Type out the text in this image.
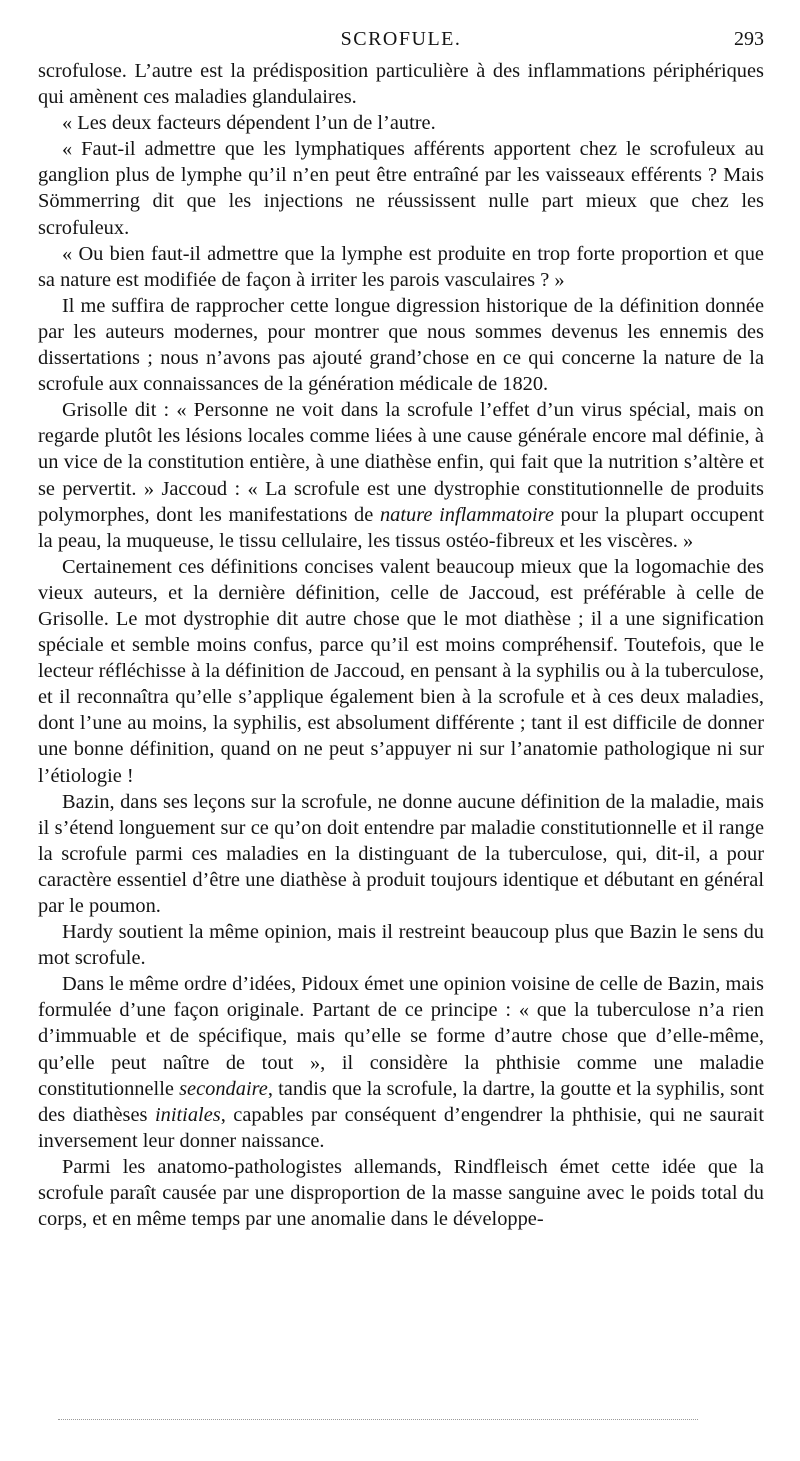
SCROFULE.	293

scrofulose. L’autre est la prédisposition particulière à des inflammations périphériques qui amènent ces maladies glandulaires.

« Les deux facteurs dépendent l’un de l’autre.

« Faut-il admettre que les lymphatiques afférents apportent chez le scrofuleux au ganglion plus de lymphe qu’il n’en peut être entraîné par les vaisseaux efférents ? Mais Sömmerring dit que les injections ne réussissent nulle part mieux que chez les scrofuleux.

« Ou bien faut-il admettre que la lymphe est produite en trop forte proportion et que sa nature est modifiée de façon à irriter les parois vasculaires ? »

Il me suffira de rapprocher cette longue digression historique de la définition donnée par les auteurs modernes, pour montrer que nous sommes devenus les ennemis des dissertations ; nous n’avons pas ajouté grand’chose en ce qui concerne la nature de la scrofule aux connaissances de la génération médicale de 1820.

Grisolle dit : « Personne ne voit dans la scrofule l’effet d’un virus spécial, mais on regarde plutôt les lésions locales comme liées à une cause générale encore mal définie, à un vice de la constitution entière, à une diathèse enfin, qui fait que la nutrition s’altère et se pervertit. » Jaccoud : « La scrofule est une dystrophie constitutionnelle de produits polymorphes, dont les manifestations de nature inflammatoire pour la plupart occupent la peau, la muqueuse, le tissu cellulaire, les tissus ostéo-fibreux et les viscères. »

Certainement ces définitions concises valent beaucoup mieux que la logomachie des vieux auteurs, et la dernière définition, celle de Jaccoud, est préférable à celle de Grisolle. Le mot dystrophie dit autre chose que le mot diathèse ; il a une signification spéciale et semble moins confus, parce qu’il est moins compréhensif. Toutefois, que le lecteur réfléchisse à la définition de Jaccoud, en pensant à la syphilis ou à la tuberculose, et il reconnaîtra qu’elle s’applique également bien à la scrofule et à ces deux maladies, dont l’une au moins, la syphilis, est absolument différente ; tant il est difficile de donner une bonne définition, quand on ne peut s’appuyer ni sur l’anatomie pathologique ni sur l’étiologie !

Bazin, dans ses leçons sur la scrofule, ne donne aucune définition de la maladie, mais il s’étend longuement sur ce qu’on doit entendre par maladie constitutionnelle et il range la scrofule parmi ces maladies en la distinguant de la tuberculose, qui, dit-il, a pour caractère essentiel d’être une diathèse à produit toujours identique et débutant en général par le poumon.

Hardy soutient la même opinion, mais il restreint beaucoup plus que Bazin le sens du mot scrofule.

Dans le même ordre d’idées, Pidoux émet une opinion voisine de celle de Bazin, mais formulée d’une façon originale. Partant de ce principe : « que la tuberculose n’a rien d’immuable et de spécifique, mais qu’elle se forme d’autre chose que d’elle-même, qu’elle peut naître de tout », il considère la phthisie comme une maladie constitutionnelle secondaire, tandis que la scrofule, la dartre, la goutte et la syphilis, sont des diathèses initiales, capables par conséquent d’engendrer la phthisie, qui ne saurait inversement leur donner naissance.

Parmi les anatomo-pathologistes allemands, Rindfleisch émet cette idée que la scrofule paraît causée par une disproportion de la masse sanguine avec le poids total du corps, et en même temps par une anomalie dans le développe-
